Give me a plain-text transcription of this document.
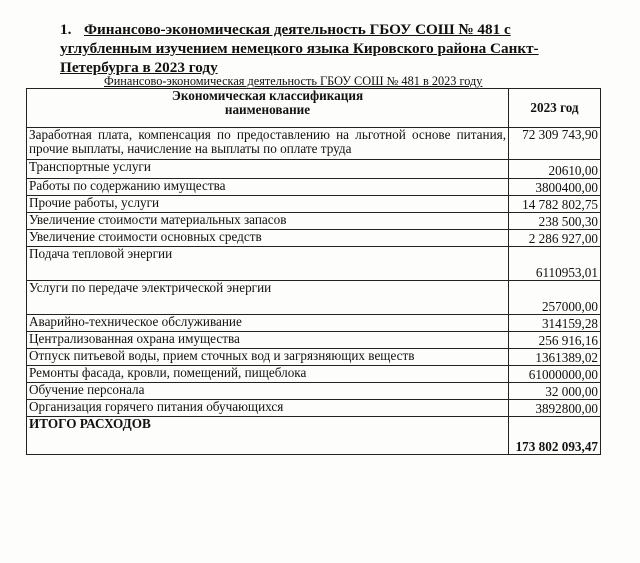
1. Финансово-экономическая деятельность ГБОУ СОШ № 481 с углубленным изучением немецкого языка Кировского района Санкт- Петербурга в 2023 году
Финансово-экономическая деятельность ГБОУ СОШ № 481 в 2023 году
Экономическая классификация
наименование	2023 год
Заработная плата, компенсация по предоставлению на льготной основе питания, прочие выплаты, начисление на выплаты по оплате труда	72 309 743,90
Транспортные услуги	20610,00
Работы по содержанию имущества	3800400,00
Прочие работы, услуги	14 782 802,75
Увеличение стоимости материальных запасов	238 500,30
Увеличение стоимости основных средств	2 286 927,00
Подача тепловой энергии	6110953,01
Услуги по передаче электрической энергии	257000,00
Аварийно-техническое обслуживание	314159,28
Централизованная охрана имущества	256 916,16
Отпуск питьевой воды, прием сточных вод и загрязняющих веществ	1361389,02
Ремонты фасада, кровли, помещений, пищеблока	61000000,00
Обучение персонала	32 000,00
Организация горячего питания обучающихся	3892800,00
ИТОГО РАСХОДОВ	173 802 093,47
